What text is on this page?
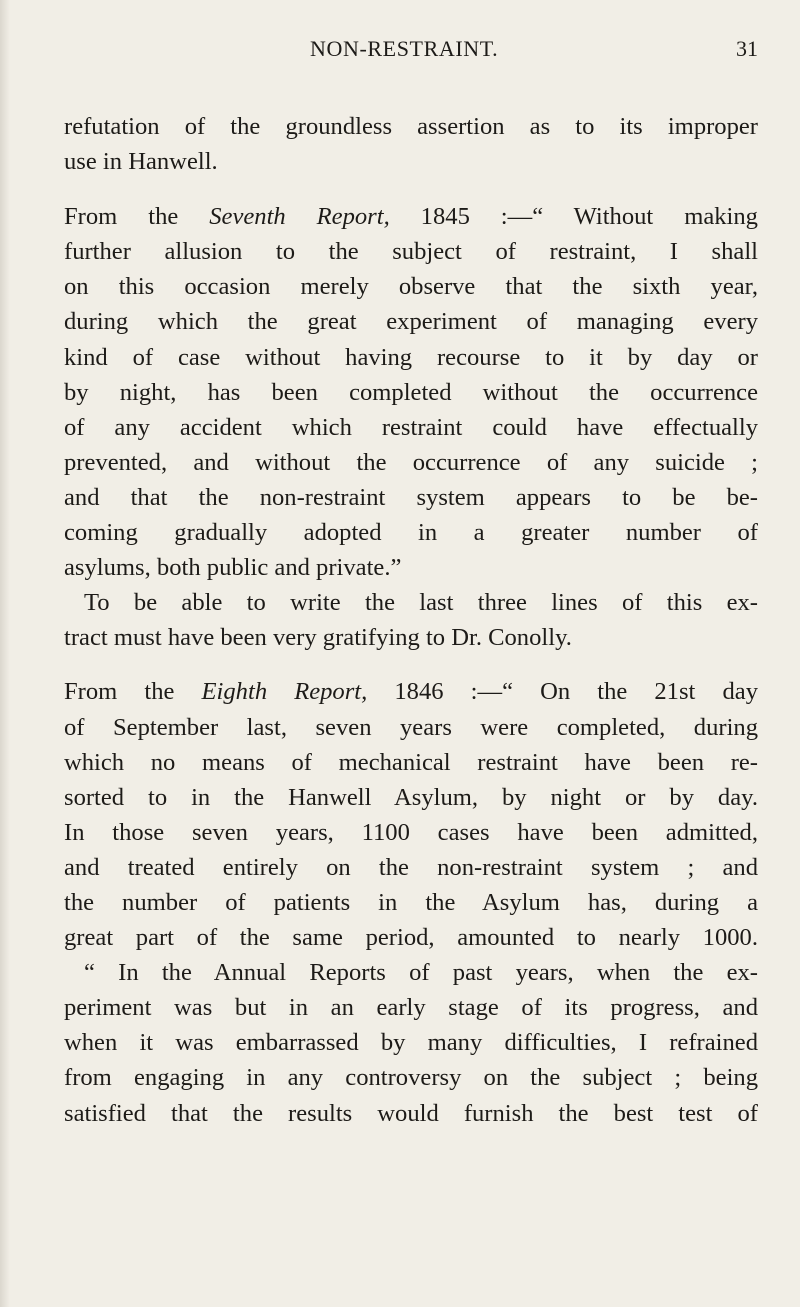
NON-RESTRAINT.	31
refutation of the groundless assertion as to its improper
use in Hanwell.
From the Seventh Report, 1845 :—“ Without making
further allusion to the subject of restraint, I shall
on this occasion merely observe that the sixth year,
during which the great experiment of managing every
kind of case without having recourse to it by day or
by night, has been completed without the occurrence
of any accident which restraint could have effectually
prevented, and without the occurrence of any suicide ;
and that the non-restraint system appears to be be-
coming gradually adopted in a greater number of
asylums, both public and private.”
To be able to write the last three lines of this ex-
tract must have been very gratifying to Dr. Conolly.
From the Eighth Report, 1846 :—“ On the 21st day
of September last, seven years were completed, during
which no means of mechanical restraint have been re-
sorted to in the Hanwell Asylum, by night or by day.
In those seven years, 1100 cases have been admitted,
and treated entirely on the non-restraint system ; and
the number of patients in the Asylum has, during a
great part of the same period, amounted to nearly 1000.
“ In the Annual Reports of past years, when the ex-
periment was but in an early stage of its progress, and
when it was embarrassed by many difficulties, I refrained
from engaging in any controversy on the subject ; being
satisfied that the results would furnish the best test of
